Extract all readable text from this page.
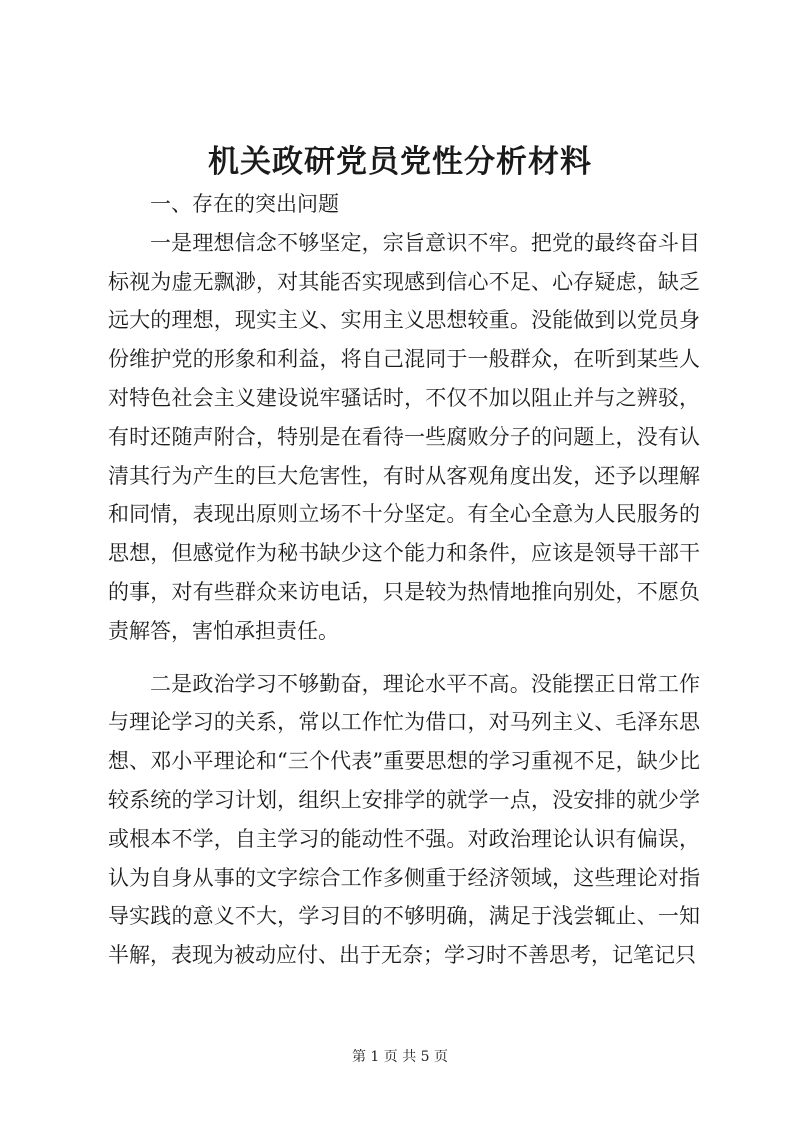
机关政研党员党性分析材料
一、存在的突出问题

一是理想信念不够坚定，宗旨意识不牢。把党的最终奋斗目标视为虚无飘渺，对其能否实现感到信心不足、心存疑虑，缺乏远大的理想，现实主义、实用主义思想较重。没能做到以党员身份维护党的形象和利益，将自己混同于一般群众，在听到某些人对特色社会主义建设说牢骚话时，不仅不加以阻止并与之辨驳，有时还随声附合，特别是在看待一些腐败分子的问题上，没有认清其行为产生的巨大危害性，有时从客观角度出发，还予以理解和同情，表现出原则立场不十分坚定。有全心全意为人民服务的思想，但感觉作为秘书缺少这个能力和条件，应该是领导干部干的事，对有些群众来访电话，只是较为热情地推向别处，不愿负责解答，害怕承担责任。

二是政治学习不够勤奋，理论水平不高。没能摆正日常工作与理论学习的关系，常以工作忙为借口，对马列主义、毛泽东思想、邓小平理论和“三个代表”重要思想的学习重视不足，缺少比较系统的学习计划，组织上安排学的就学一点，没安排的就少学或根本不学，自主学习的能动性不强。对政治理论认识有偏误，认为自身从事的文字综合工作多侧重于经济领域，这些理论对指导实践的意义不大，学习目的不够明确，满足于浅尝辄止、一知半解，表现为被动应付、出于无奈；学习时不善思考，记笔记只

第 1 页 共 5 页
